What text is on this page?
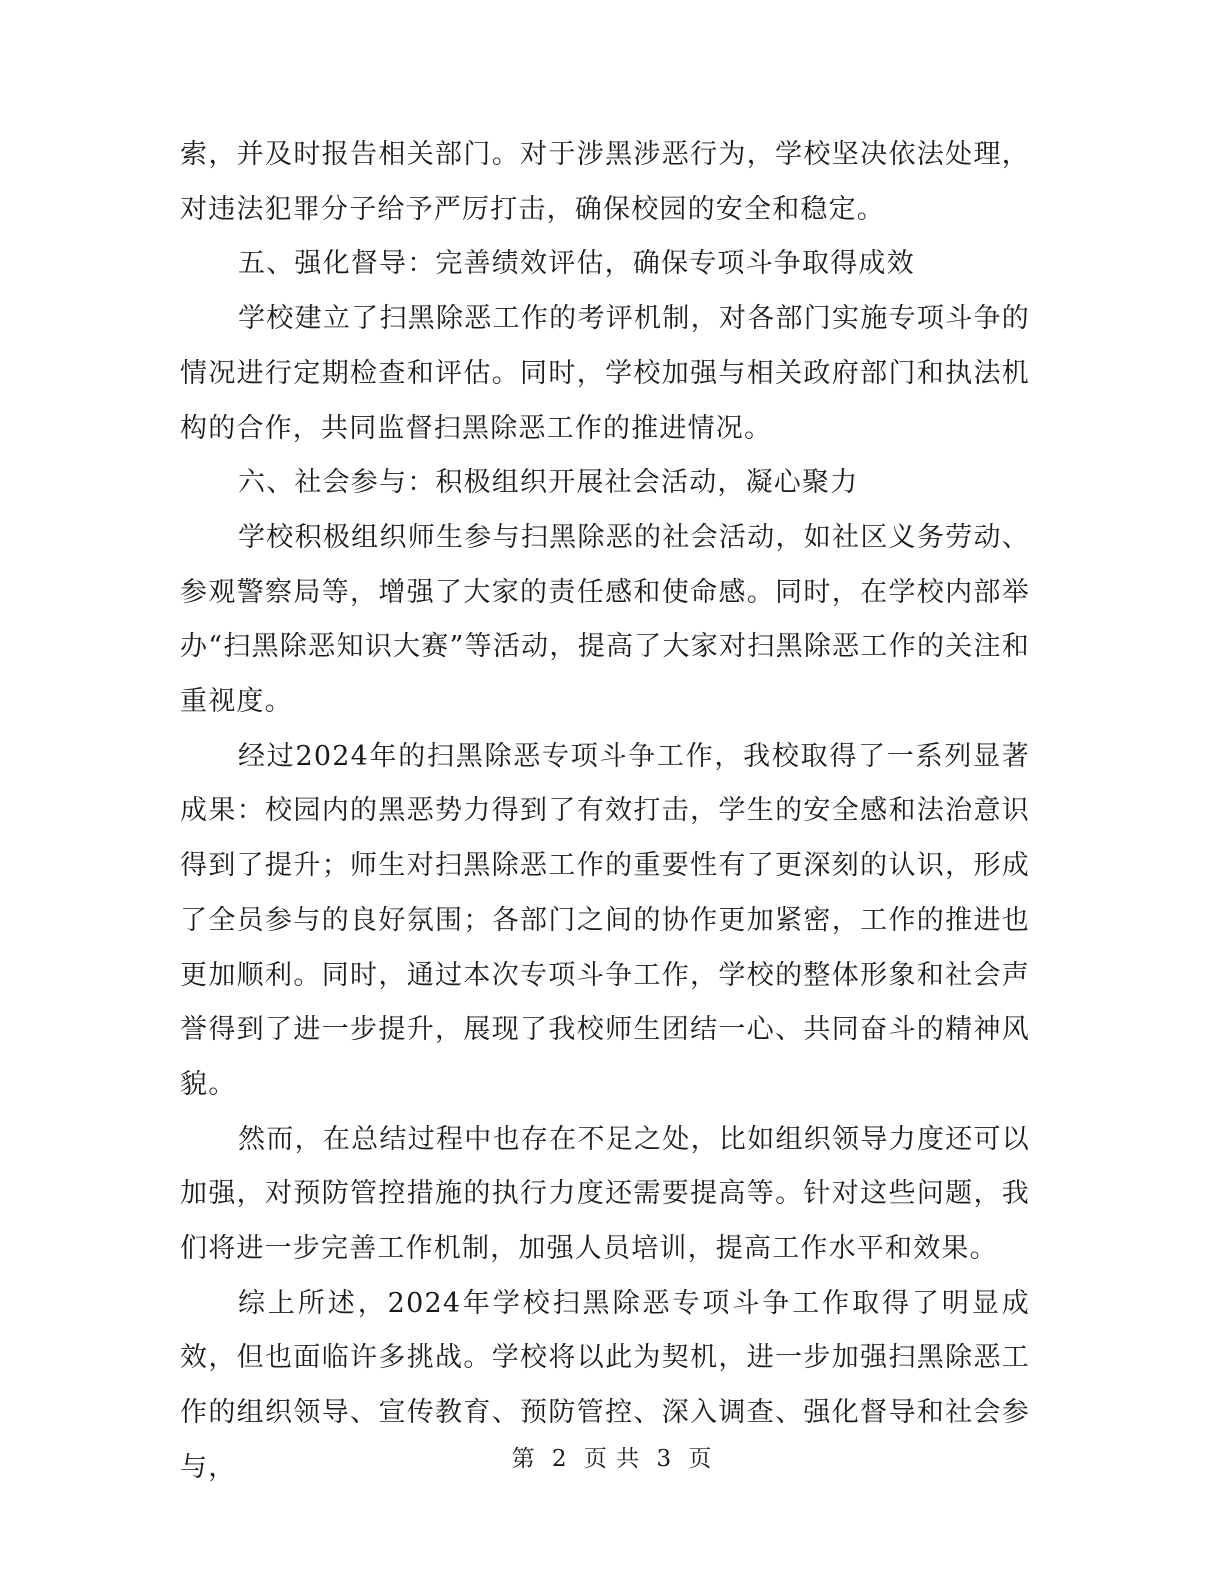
索，并及时报告相关部门。对于涉黑涉恶行为，学校坚决依法处理，对违法犯罪分子给予严厉打击，确保校园的安全和稳定。

五、强化督导：完善绩效评估，确保专项斗争取得成效

学校建立了扫黑除恶工作的考评机制，对各部门实施专项斗争的情况进行定期检查和评估。同时，学校加强与相关政府部门和执法机构的合作，共同监督扫黑除恶工作的推进情况。

六、社会参与：积极组织开展社会活动，凝心聚力

学校积极组织师生参与扫黑除恶的社会活动，如社区义务劳动、参观警察局等，增强了大家的责任感和使命感。同时，在学校内部举办“扫黑除恶知识大赛”等活动，提高了大家对扫黑除恶工作的关注和重视度。

经过2024年的扫黑除恶专项斗争工作，我校取得了一系列显著成果：校园内的黑恶势力得到了有效打击，学生的安全感和法治意识得到了提升；师生对扫黑除恶工作的重要性有了更深刻的认识，形成了全员参与的良好氛围；各部门之间的协作更加紧密，工作的推进也更加顺利。同时，通过本次专项斗争工作，学校的整体形象和社会声誉得到了进一步提升，展现了我校师生团结一心、共同奋斗的精神风貌。

然而，在总结过程中也存在不足之处，比如组织领导力度还可以加强，对预防管控措施的执行力度还需要提高等。针对这些问题，我们将进一步完善工作机制，加强人员培训，提高工作水平和效果。

综上所述，2024年学校扫黑除恶专项斗争工作取得了明显成效，但也面临许多挑战。学校将以此为契机，进一步加强扫黑除恶工作的组织领导、宣传教育、预防管控、深入调查、强化督导和社会参与，	第 2 页 共 3 页
